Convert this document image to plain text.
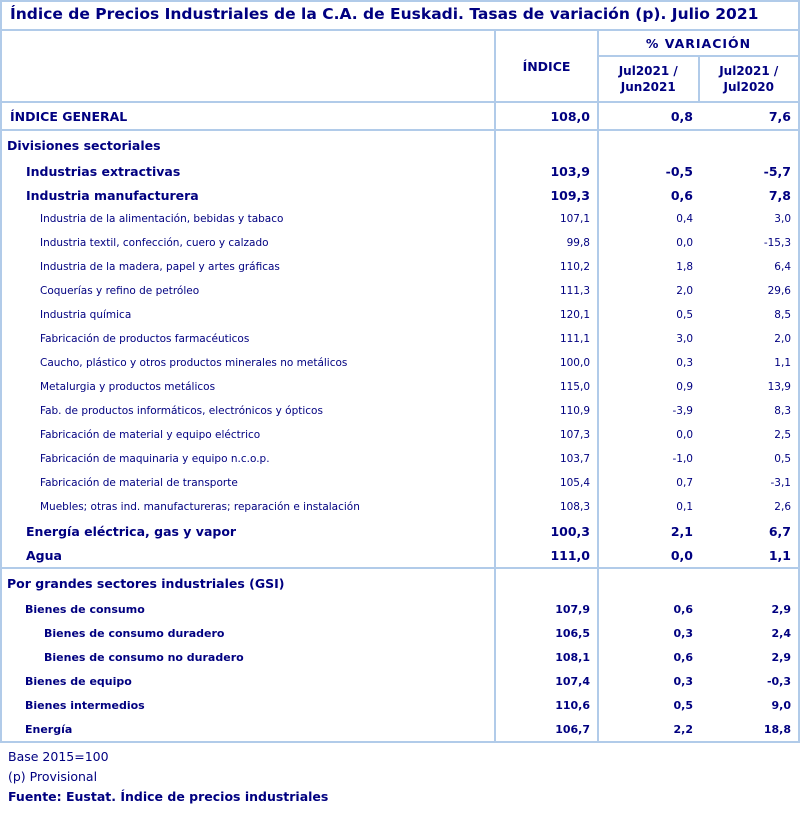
Índice de Precios Industriales de la C.A. de Euskadi. Tasas de variación (p). Julio 2021
ÍNDICE
% VARIACIÓN
Jul2021 /
Jun2021
Jul2021 /
Jul2020
ÍNDICE GENERAL	108,0	0,8	7,6
Divisiones sectoriales
Industrias extractivas	103,9	-0,5	-5,7
Industria manufacturera	109,3	0,6	7,8
Industria de la alimentación, bebidas y tabaco	107,1	0,4	3,0
Industria textil, confección, cuero y calzado	99,8	0,0	-15,3
Industria de la madera, papel y artes gráficas	110,2	1,8	6,4
Coquerías y refino de petróleo	111,3	2,0	29,6
Industria química	120,1	0,5	8,5
Fabricación de productos farmacéuticos	111,1	3,0	2,0
Caucho, plástico y otros productos minerales no metálicos	100,0	0,3	1,1
Metalurgia y productos metálicos	115,0	0,9	13,9
Fab. de productos informáticos, electrónicos y ópticos	110,9	-3,9	8,3
Fabricación de material y equipo eléctrico	107,3	0,0	2,5
Fabricación de maquinaria y equipo n.c.o.p.	103,7	-1,0	0,5
Fabricación de material de transporte	105,4	0,7	-3,1
Muebles; otras ind. manufactureras; reparación e instalación	108,3	0,1	2,6
Energía eléctrica, gas y vapor	100,3	2,1	6,7
Agua	111,0	0,0	1,1
Por grandes sectores industriales (GSI)
Bienes de consumo	107,9	0,6	2,9
Bienes de consumo duradero	106,5	0,3	2,4
Bienes de consumo no duradero	108,1	0,6	2,9
Bienes de equipo	107,4	0,3	-0,3
Bienes intermedios	110,6	0,5	9,0
Energía	106,7	2,2	18,8
Base 2015=100
(p) Provisional
Fuente: Eustat. Índice de precios industriales
